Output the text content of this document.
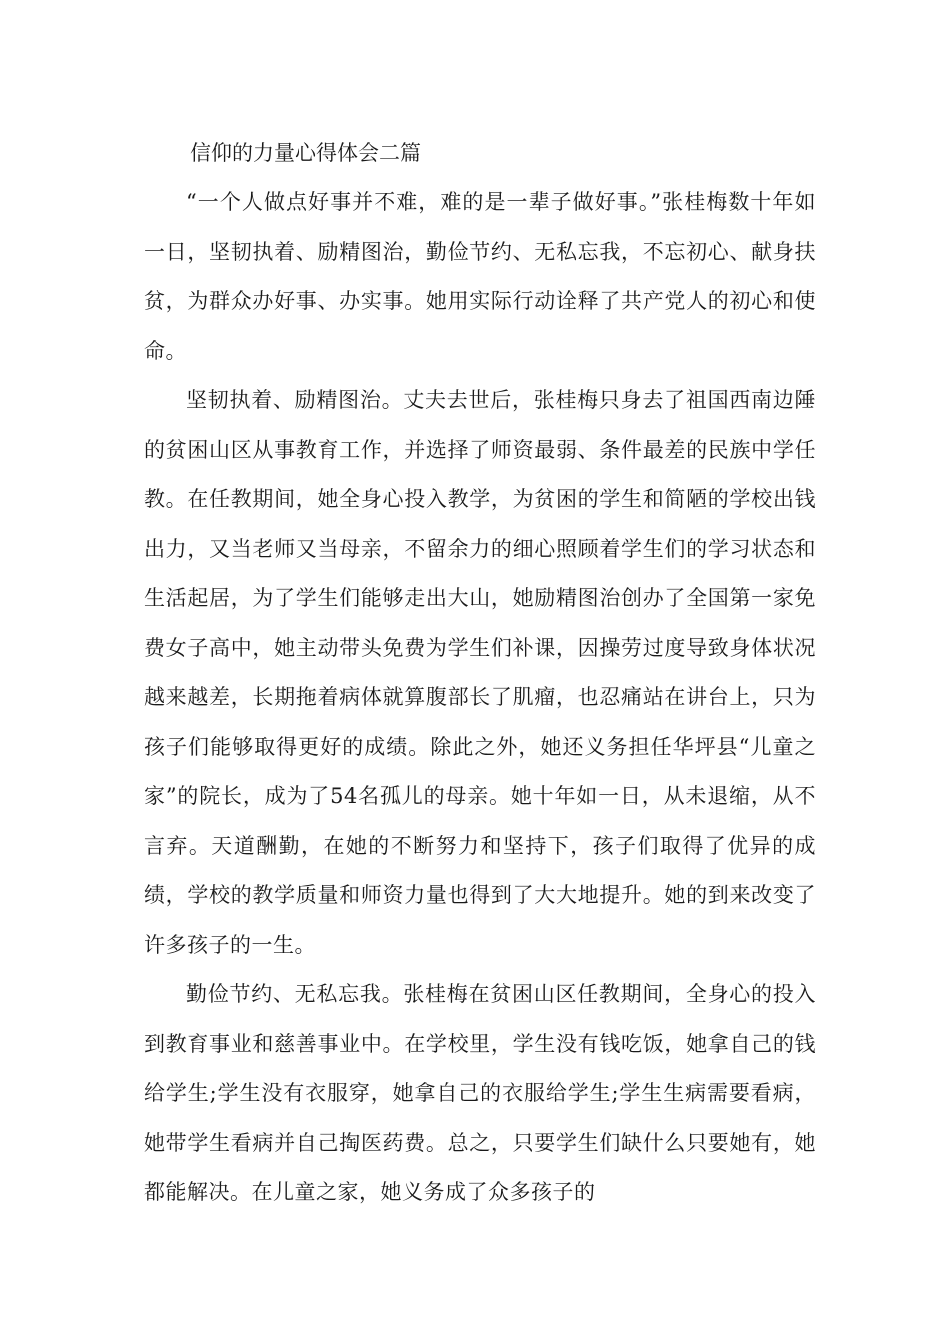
信仰的力量心得体会二篇

“一个人做点好事并不难，难的是一辈子做好事。”张桂梅数十年如一日，坚韧执着、励精图治，勤俭节约、无私忘我，不忘初心、献身扶贫，为群众办好事、办实事。她用实际行动诠释了共产党人的初心和使命。

坚韧执着、励精图治。丈夫去世后，张桂梅只身去了祖国西南边陲的贫困山区从事教育工作，并选择了师资最弱、条件最差的民族中学任教。在任教期间，她全身心投入教学，为贫困的学生和简陋的学校出钱出力，又当老师又当母亲，不留余力的细心照顾着学生们的学习状态和生活起居，为了学生们能够走出大山，她励精图治创办了全国第一家免费女子高中，她主动带头免费为学生们补课，因操劳过度导致身体状况越来越差，长期拖着病体就算腹部长了肌瘤，也忍痛站在讲台上，只为孩子们能够取得更好的成绩。除此之外，她还义务担任华坪县“儿童之家”的院长，成为了54名孤儿的母亲。她十年如一日，从未退缩，从不言弃。天道酬勤，在她的不断努力和坚持下，孩子们取得了优异的成绩，学校的教学质量和师资力量也得到了大大地提升。她的到来改变了许多孩子的一生。

勤俭节约、无私忘我。张桂梅在贫困山区任教期间，全身心的投入到教育事业和慈善事业中。在学校里，学生没有钱吃饭，她拿自己的钱给学生;学生没有衣服穿，她拿自己的衣服给学生;学生生病需要看病，她带学生看病并自己掏医药费。总之，只要学生们缺什么只要她有，她都能解决。在儿童之家，她义务成了众多孩子的
